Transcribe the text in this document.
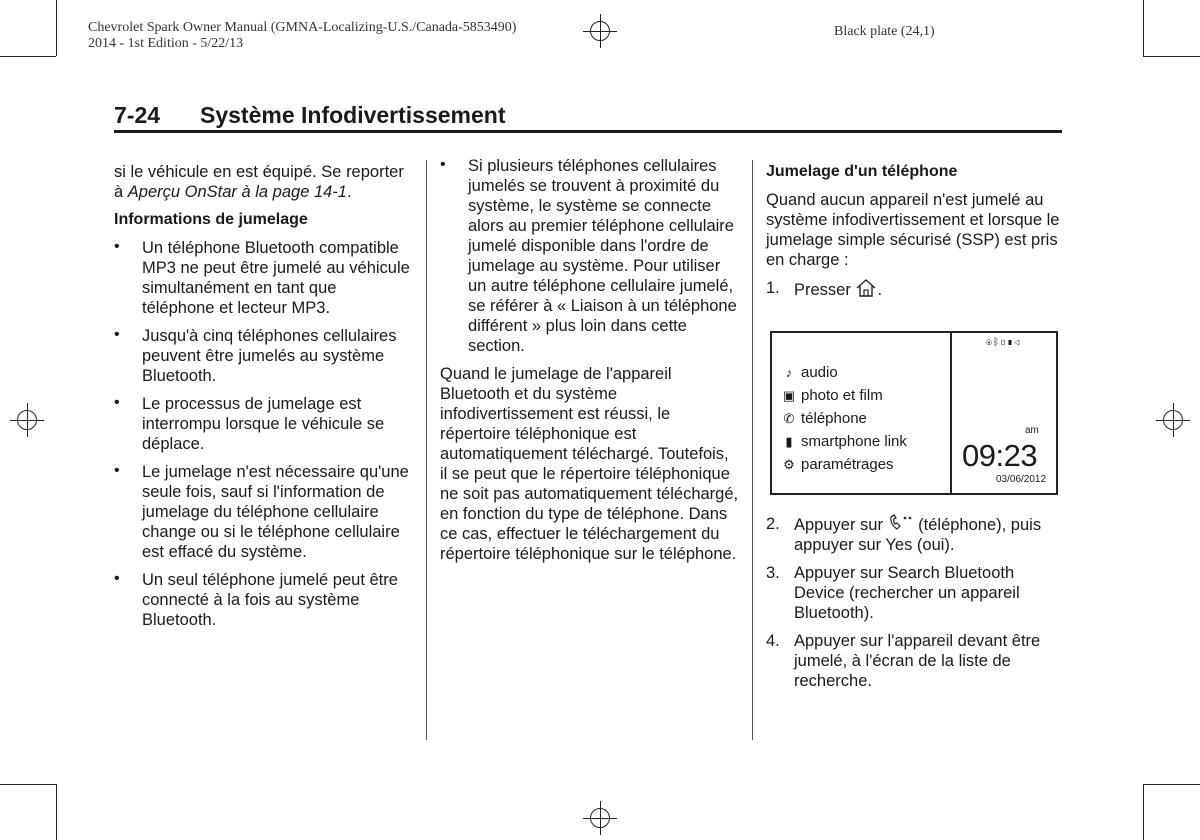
Chevrolet Spark Owner Manual (GMNA-Localizing-U.S./Canada-5853490)
2014 - 1st Edition - 5/22/13
Black plate (24,1)
7-24 Système Infodivertissement

si le véhicule en est équipé. Se reporter à Aperçu OnStar à la page 14-1.

Informations de jumelage

• Un téléphone Bluetooth compatible MP3 ne peut être jumelé au véhicule simultanément en tant que téléphone et lecteur MP3.
• Jusqu'à cinq téléphones cellulaires peuvent être jumelés au système Bluetooth.
• Le processus de jumelage est interrompu lorsque le véhicule se déplace.
• Le jumelage n'est nécessaire qu'une seule fois, sauf si l'information de jumelage du téléphone cellulaire change ou si le téléphone cellulaire est effacé du système.
• Un seul téléphone jumelé peut être connecté à la fois au système Bluetooth.
• Si plusieurs téléphones cellulaires jumelés se trouvent à proximité du système, le système se connecte alors au premier téléphone cellulaire jumelé disponible dans l'ordre de jumelage au système. Pour utiliser un autre téléphone cellulaire jumelé, se référer à « Liaison à un téléphone différent » plus loin dans cette section.

Quand le jumelage de l'appareil Bluetooth et du système infodivertissement est réussi, le répertoire téléphonique est automatiquement téléchargé. Toutefois, il se peut que le répertoire téléphonique ne soit pas automatiquement téléchargé, en fonction du type de téléphone. Dans ce cas, effectuer le téléchargement du répertoire téléphonique sur le téléphone.

Jumelage d'un téléphone

Quand aucun appareil n'est jumelé au système infodivertissement et lorsque le jumelage simple sécurisé (SSP) est pris en charge :

1. Presser .
♪ audio
▣ photo et film
✆ téléphone
▮ smartphone link
⚙ paramétrages
◉ᛒ▯▮◁
am
09:23
03/06/2012
2. Appuyer sur (téléphone), puis appuyer sur Yes (oui).
3. Appuyer sur Search Bluetooth Device (rechercher un appareil Bluetooth).
4. Appuyer sur l'appareil devant être jumelé, à l'écran de la liste de recherche.
